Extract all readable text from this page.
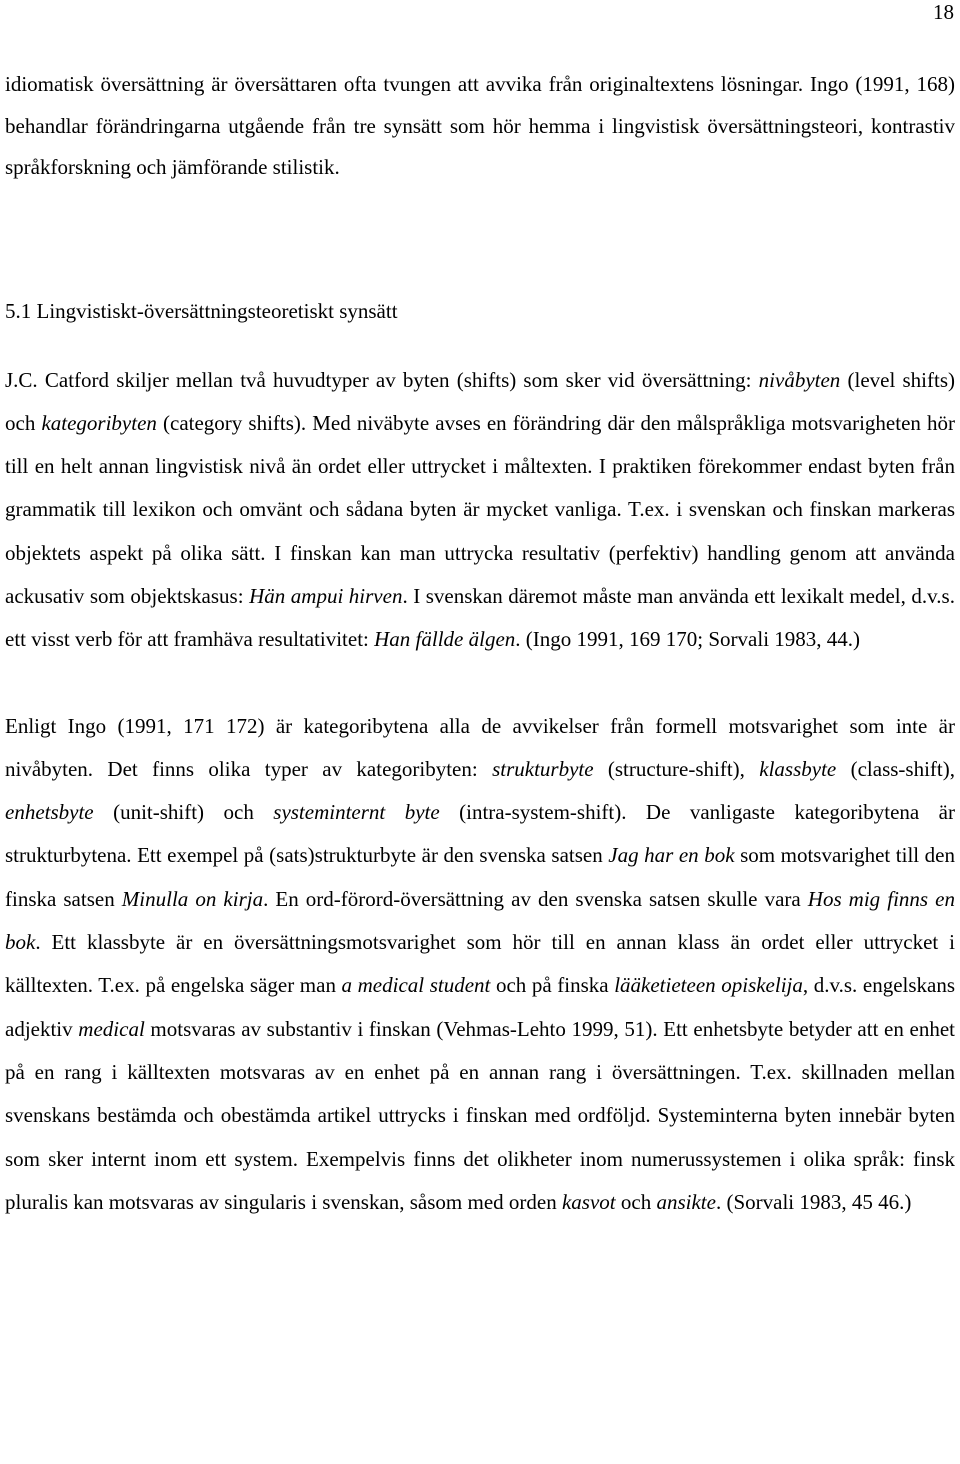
18

idiomatisk översättning är översättaren ofta tvungen att avvika från originaltextens lösningar. Ingo (1991, 168) behandlar förändringarna utgående från tre synsätt som hör hemma i lingvistisk översättningsteori, kontrastiv språkforskning och jämförande stilistik.

5.1 Lingvistiskt-översättningsteoretiskt synsätt

J.C. Catford skiljer mellan två huvudtyper av byten (shifts) som sker vid översättning: nivåbyten (level shifts) och kategoribyten (category shifts). Med niväbyte avses en förändring där den målspråkliga motsvarigheten hör till en helt annan lingvistisk nivå än ordet eller uttrycket i måltexten. I praktiken förekommer endast byten från grammatik till lexikon och omvänt och sådana byten är mycket vanliga. T.ex. i svenskan och finskan markeras objektets aspekt på olika sätt. I finskan kan man uttrycka resultativ (perfektiv) handling genom att använda ackusativ som objektskasus: Hän ampui hirven. I svenskan däremot måste man använda ett lexikalt medel, d.v.s. ett visst verb för att framhäva resultativitet: Han fällde älgen. (Ingo 1991, 169 170; Sorvali 1983, 44.)

Enligt Ingo (1991, 171 172) är kategoribytena alla de avvikelser från formell motsvarighet som inte är nivåbyten. Det finns olika typer av kategoribyten: strukturbyte (structure-shift), klassbyte (class-shift), enhetsbyte (unit-shift) och systeminternt byte (intra-system-shift). De vanligaste kategoribytena är strukturbytena. Ett exempel på (sats)strukturbyte är den svenska satsen Jag har en bok som motsvarighet till den finska satsen Minulla on kirja. En ord-förord-översättning av den svenska satsen skulle vara Hos mig finns en bok. Ett klassbyte är en översättningsmotsvarighet som hör till en annan klass än ordet eller uttrycket i källtexten. T.ex. på engelska säger man a medical student och på finska lääketieteen opiskelija, d.v.s. engelskans adjektiv medical motsvaras av substantiv i finskan (Vehmas-Lehto 1999, 51). Ett enhetsbyte betyder att en enhet på en rang i källtexten motsvaras av en enhet på en annan rang i översättningen. T.ex. skillnaden mellan svenskans bestämda och obestämda artikel uttrycks i finskan med ordföljd. Systeminterna byten innebär byten som sker internt inom ett system. Exempelvis finns det olikheter inom numerussystemen i olika språk: finsk pluralis kan motsvaras av singularis i svenskan, såsom med orden kasvot och ansikte. (Sorvali 1983, 45 46.)
